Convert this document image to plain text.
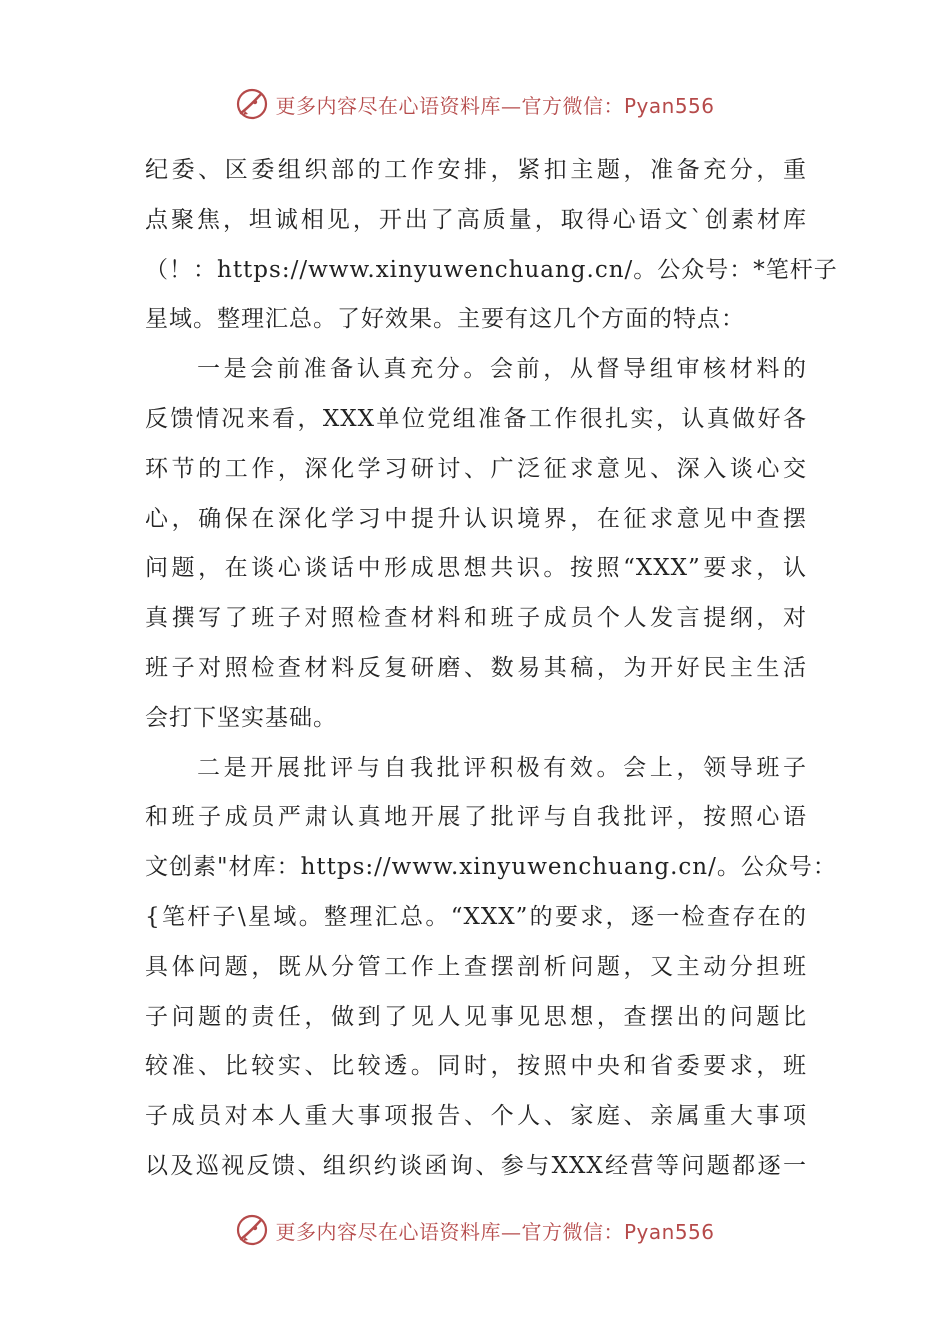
更多内容尽在心语资料库—官方微信：Pyan556
纪委、区委组织部的工作安排，紧扣主题，准备充分，重
点聚焦，坦诚相见，开出了高质量，取得心语文`创素材库
（！：https://www.xinyuwenchuang.cn/。公众号：*笔杆子
星域。整理汇总。了好效果。主要有这几个方面的特点：
一是会前准备认真充分。会前，从督导组审核材料的
反馈情况来看，XXX单位党组准备工作很扎实，认真做好各
环节的工作，深化学习研讨、广泛征求意见、深入谈心交
心，确保在深化学习中提升认识境界，在征求意见中查摆
问题，在谈心谈话中形成思想共识。按照“XXX”要求，认
真撰写了班子对照检查材料和班子成员个人发言提纲，对
班子对照检查材料反复研磨、数易其稿，为开好民主生活
会打下坚实基础。
二是开展批评与自我批评积极有效。会上，领导班子
和班子成员严肃认真地开展了批评与自我批评，按照心语
文创素"材库：https://www.xinyuwenchuang.cn/。公众号：
{笔杆子\星域。整理汇总。“XXX”的要求，逐一检查存在的
具体问题，既从分管工作上查摆剖析问题，又主动分担班
子问题的责任，做到了见人见事见思想，查摆出的问题比
较准、比较实、比较透。同时，按照中央和省委要求，班
子成员对本人重大事项报告、个人、家庭、亲属重大事项
以及巡视反馈、组织约谈函询、参与XXX经营等问题都逐一
更多内容尽在心语资料库—官方微信：Pyan556
